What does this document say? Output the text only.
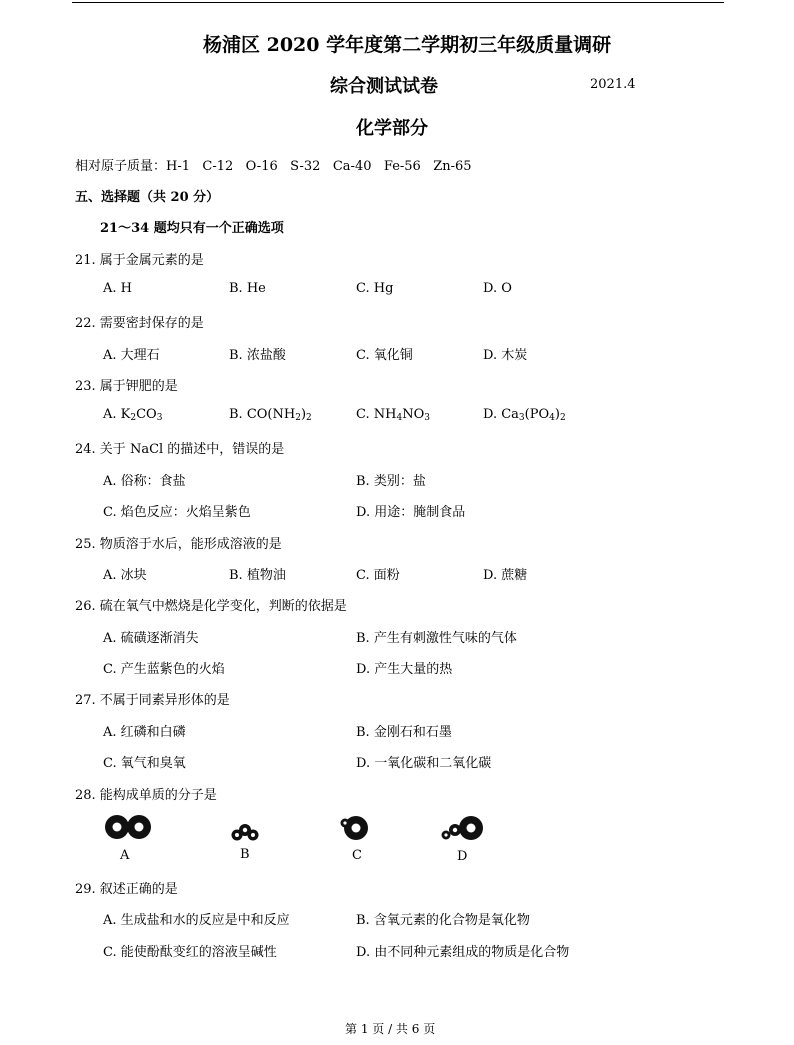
杨浦区 2020 学年度第二学期初三年级质量调研
综合测试试卷	2021.4
化学部分
相对原子质量：H-1   C-12   O-16   S-32   Ca-40   Fe-56   Zn-65
五、选择题（共 20 分）
21～34 题均只有一个正确选项
21. 属于金属元素的是
A. H	B. He	C. Hg	D. O
22. 需要密封保存的是
A. 大理石	B. 浓盐酸	C. 氧化铜	D. 木炭
23. 属于钾肥的是
A. $K_2CO_3$	B. $CO(NH_2)_2$	C. $NH_4NO_3$	D. $Ca_3(PO_4)_2$
24. 关于 NaCl 的描述中，错误的是
A. 俗称：食盐	B. 类别：盐
C. 焰色反应：火焰呈紫色	D. 用途：腌制食品
25. 物质溶于水后，能形成溶液的是
A. 冰块	B. 植物油	C. 面粉	D. 蔗糖
26. 硫在氧气中燃烧是化学变化，判断的依据是
A. 硫磺逐渐消失	B. 产生有刺激性气味的气体
C. 产生蓝紫色的火焰	D. 产生大量的热
27. 不属于同素异形体的是
A. 红磷和白磷	B. 金刚石和石墨
C. 氧气和臭氧	D. 一氧化碳和二氧化碳
28. 能构成单质的分子是
A	B	C	D
29. 叙述正确的是
A. 生成盐和水的反应是中和反应	B. 含氧元素的化合物是氧化物
C. 能使酚酞变红的溶液呈碱性	D. 由不同种元素组成的物质是化合物
第 1 页 / 共 6 页
